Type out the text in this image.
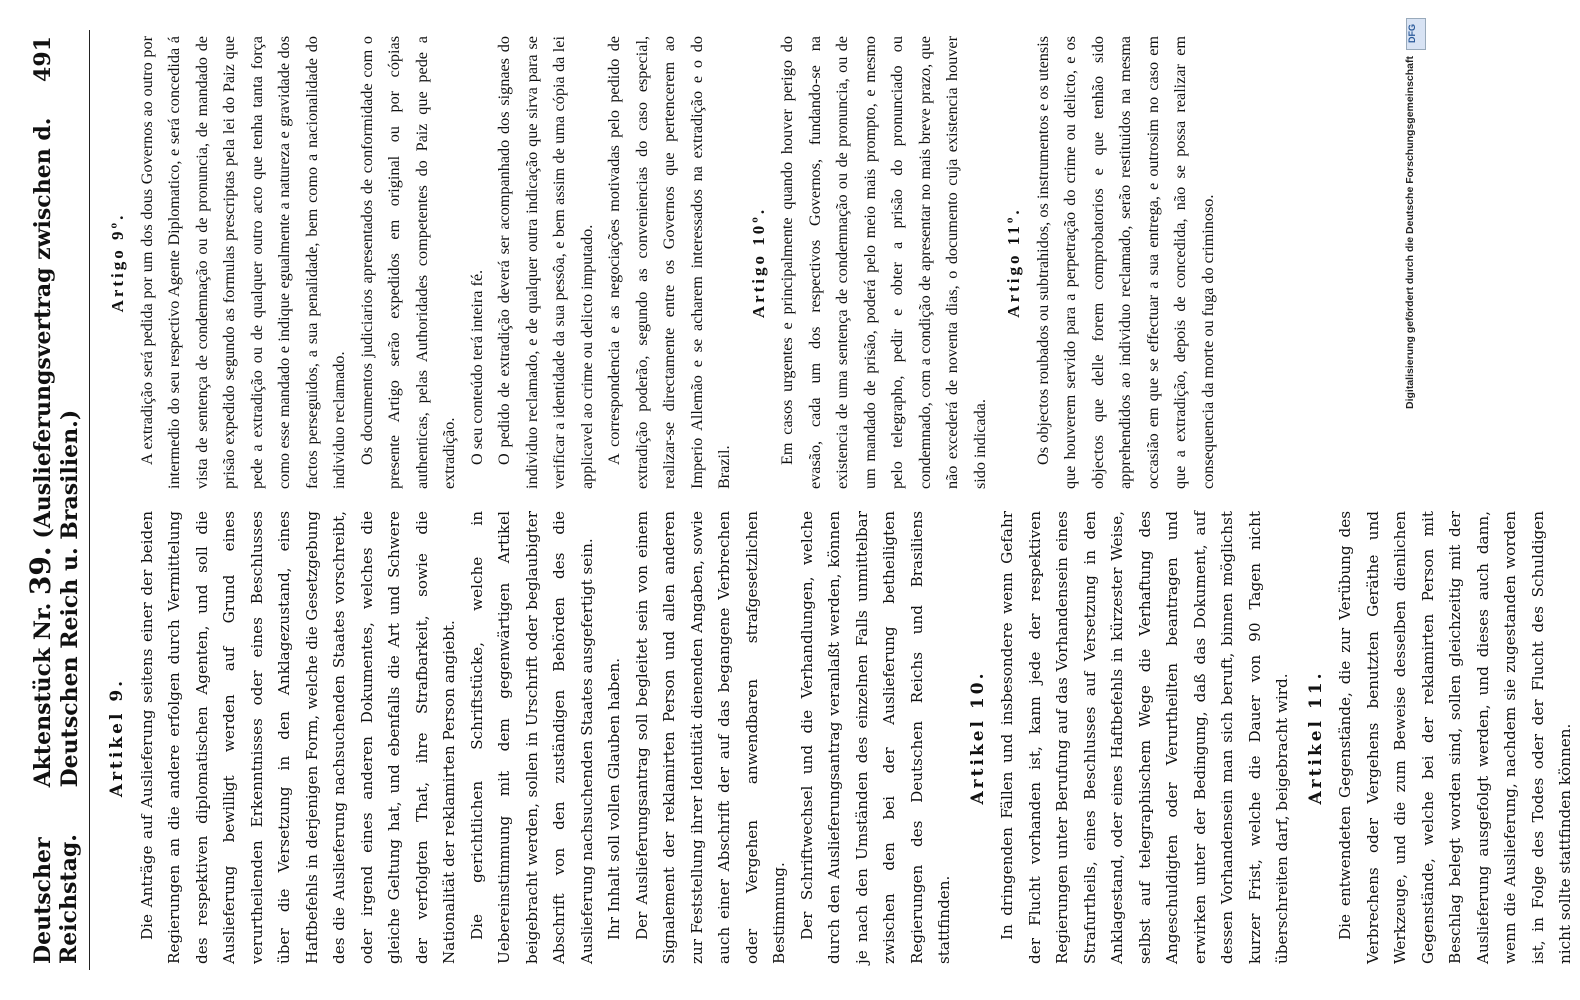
Deutscher Reichstag.
Aktenstück Nr. 39. (Auslieferungsvertrag zwischen d. Deutschen Reich u. Brasilien.)
491
Artikel 9. Die Anträge auf Auslieferung seitens einer der beiden Regierungen an die andere erfolgen durch Vermittelung des respektiven diplomatischen Agenten, und soll die Auslieferung bewilligt werden auf Grund eines verurtheilenden Erkenntnisses oder eines Beschlusses über die Versetzung in den Anklagezustand, eines Haftbefehls in derjenigen Form, welche die Gesetzgebung des die Auslieferung nachsuchenden Staates vorschreibt, oder irgend eines anderen Dokumentes, welches die gleiche Geltung hat, und ebenfalls die Art und Schwere der verfolgten That, ihre Strafbarkeit, sowie die Nationalität der reklamirten Person angiebt. Die gerichtlichen Schriftstücke, welche in Uebereinstimmung mit dem gegenwärtigen Artikel beigebracht werden, sollen in Urschrift oder beglaubigter Abschrift von den zuständigen Behörden des die Auslieferung nachsuchenden Staates ausgefertigt sein. Ihr Inhalt soll vollen Glauben haben. Der Auslieferungsantrag soll begleitet sein von einem Signalement der reklamirten Person und allen anderen zur Feststellung ihrer Identität dienenden Angaben, sowie auch einer Abschrift der auf das begangene Verbrechen oder Vergehen anwendbaren strafgesetzlichen Bestimmung. Der Schriftwechsel und die Verhandlungen, welche durch den Auslieferungsantrag veranlaßt werden, können je nach den Umständen des einzelnen Falls unmittelbar zwischen den bei der Auslieferung betheiligten Regierungen des Deutschen Reichs und Brasiliens stattfinden.

Artikel 10. In dringenden Fällen und insbesondere wenn Gefahr der Flucht vorhanden ist, kann jede der respektiven Regierungen unter Berufung auf das Vorhandensein eines Strafurtheils, eines Beschlusses auf Versetzung in den Anklagestand, oder eines Haftbefehls in kürzester Weise, selbst auf telegraphischem Wege die Verhaftung des Angeschuldigten oder Verurtheilten beantragen und erwirken unter der Bedingung, daß das Dokument, auf dessen Vorhandensein man sich beruft, binnen möglichst kurzer Frist, welche die Dauer von 90 Tagen nicht überschreiten darf, beigebracht wird. Artikel 11. Die entwendeten Gegenstände, die zur Verübung des Verbrechens oder Vergehens benutzten Geräthe und Werkzeuge, und die zum Beweise desselben dienlichen Gegenstände, welche bei der reklamirten Person mit Beschlag belegt worden sind, sollen gleichzeitig mit der Auslieferung ausgefolgt werden, und dieses auch dann, wenn die Auslieferung, nachdem sie zugestanden worden ist, in Folge des Todes oder der Flucht des Schuldigen nicht sollte stattfinden können.

Artigo 9º. A extradição será pedida por um dos dous Governos ao outro por intermedio do seu respectivo Agente Diplomatico, e será concedida á vista de sentença de condemnação ou de pronuncia, de mandado de prisão expedido segundo as formulas prescriptas pela lei do Paiz que pede a extradição ou de qualquer outro acto que tenha tanta força como esse mandado e indique egualmente a natureza e gravidade dos factos perseguidos, a sua penalidade, bem como a nacionalidade do individuo reclamado. Os documentos judiciarios apresentados de conformidade com o presente Artigo serão expedidos em original ou por cópias authenticas, pelas Authoridades competentes do Paiz que pede a extradição. O seu conteúdo terá inteira fé. O pedido de extradição deverá ser acompanhado dos signaes do individuo reclamado, e de qualquer outra indicação que sirva para se verificar a identidade da sua pessôa, e bem assim de uma cópia da lei applicavel ao crime ou delicto imputado. A correspondencia e as negociações motivadas pelo pedido de extradição poderão, segundo as conveniencias do caso especial, realizar-se directamente entre os Governos que pertencerem ao Imperio Allemão e se acharem interessados na extradição e o do Brazil.

Artigo 10º. Em casos urgentes e principalmente quando houver perigo do evasão, cada um dos respectivos Governos, fundando-se na existencia de uma sentença de condemnação ou de pronuncia, ou de um mandado de prisão, poderá pelo meio mais prompto, e mesmo pelo telegrapho, pedir e obter a prisão do pronunciado ou condemnado, com a condição de apresentar no mais breve prazo, que não excederá de noventa dias, o documento cuja existencia houver sido indicada.

Artigo 11º. Os objectos roubados ou subtrahidos, os instrumentos e os utensis que houverem servido para a perpetração do crime ou delicto, e os objectos que delle forem comprobatorios e que tenhão sido apprehendidos ao individuo reclamado, serão restituidos na mesma occasião em que se effectuar a sua entrega, e outrosim no caso em que a extradição, depois de concedida, não se possa realizar em consequencia da morte ou fuga do criminoso.

DFG
Digitalisierung gefördert durch die Deutsche Forschungsgemeinschaft
